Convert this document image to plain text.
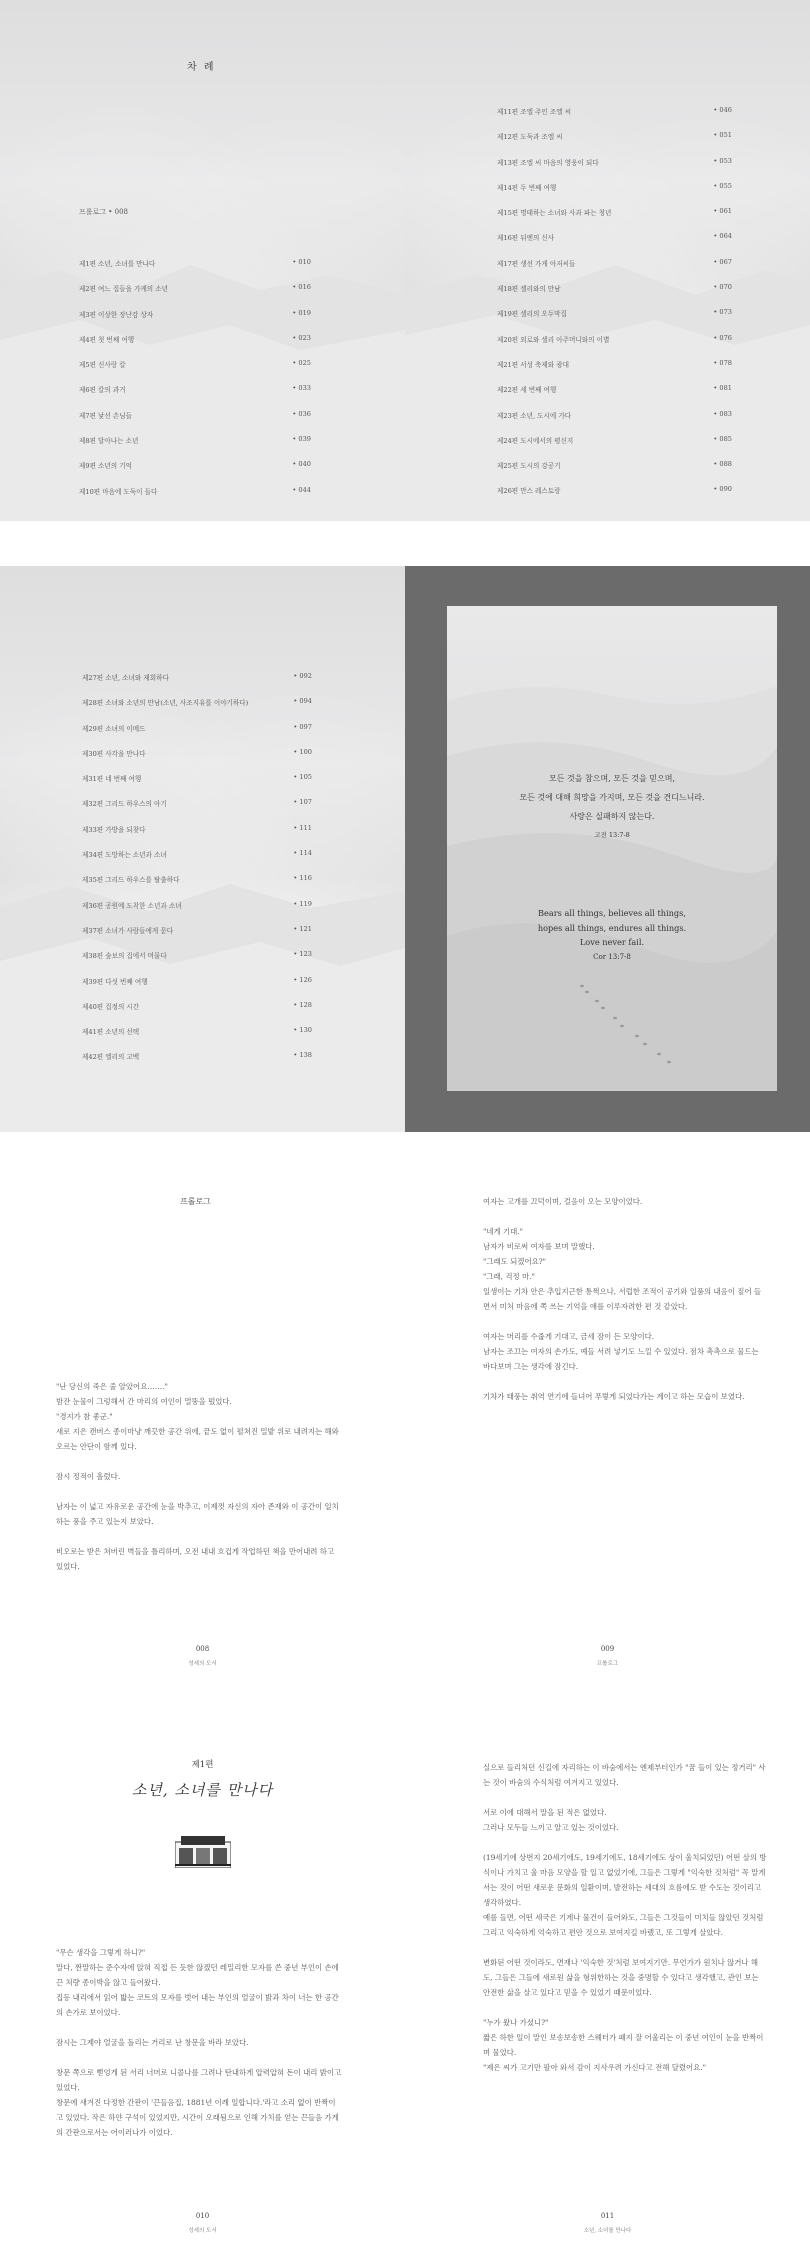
차 례
프롤로그 • 008
제1편 소년, 소녀를 만나다	• 010
제2편 여느 집들을 가게의 소년	• 016
제3편 이상한 장난감 상자	• 019
제4편 첫 번째 여행	• 023
제5편 신사랑 칼	• 025
제6편 칼의 과거	• 033
제7편 낯선 손님들	• 036
제8편 달아나는 소년	• 039
제9편 소년의 기억	• 040
제10편 마음에 도둑이 들다	• 044
제11편 조엘 주인 조엘 씨	• 046
제12편 도둑과 조엘 씨	• 051
제13편 조엘 씨 마음의 영웅이 되다	• 053
제14편 두 번째 여행	• 055
제15편 명태하는 소녀와 사과 파는 청년	• 061
제16편 뒤엔의 신사	• 064
제17편 생선 가게 아저씨들	• 067
제18편 셀리와의 만남	• 070
제19편 셀리의 오두막집	• 073
제20편 외로와 셀리 아주머니와의 이별	• 076
제21편 서성 축제와 광대	• 078
제22편 세 번째 여행	• 081
제23편 소년, 도시에 가다	• 083
제24편 도시에서의 평신지	• 085
제25편 도시의 강공기	• 088
제26편 만스 레스토랑	• 090
제27편 소년, 소녀와 재회하다	• 092
제28편 소녀와 소년의 만남(소년, 사조지유를 이야기하다)	• 094
제29편 소녀의 이메드	• 097
제30편 사각을 만나다	• 100
제31편 네 번째 여행	• 105
제32편 그리드 하우스의 아기	• 107
제33편 가방을 되찾다	• 111
제34편 도망하는 소년과 소녀	• 114
제35편 그리드 하우스를 탈출하다	• 116
제36편 공원에 도착한 소년과 소녀	• 119
제37편 소녀가 사람들에게 묻다	• 121
제38편 숲보의 집에서 머물다	• 123
제39편 다섯 번째 여행	• 126
제40편 집정의 시간	• 128
제41편 소년의 선택	• 130
제42편 엘리의 고백	• 138
모든 것을 참으며, 모든 것을 믿으며,
모든 것에 대해 희망을 가지며, 모든 것을 견디느니라.
사랑은 실패하지 않는다.
고전 13:7-8
Bears all things, believes all things,
hopes all things, endures all things.
Love never fail.
Cor 13:7-8
프롤로그

"난 당신의 죽은 줄 알았어요……."

밤잔 눈물이 그렁해서 간 마리의 여인이 멀뚱을 떴었다.

"경지가 참 좋군."

새로 지은 캔버스 종이마냥 깨끗한 공간 위에, 끝도 없이 펼쳐진 밀밭 위로 내려지는 해와 오르는 안단이 함께 있다.

잠시 정적이 흘렀다.

남자는 이 넓고 자유로운 공간에 눈을 박추고, 이제껏 자신의 자아 존재와 이 공간이 일치하는 풍을 주고 있는지 보았다.

비오로는 받은 쳐버린 벽들을 틀리하며, 오전 내내 흐겁게 작업하던 책을 만어내려 하고 있었다.

008
성세의 도서

여자는 고개를 끄덕이며, 걸음이 오는 모양이었다.

"네게 기대."

남자가 비로써 여자를 보며 말했다.

"그래도 되겠어요?"

"그래, 걱정 마."

일생이는 기차 안은 추입지근한 통쩍으나, 서럽한 조적이 공기와 일품의 내음이 짙어 들면서 미처 마음에 쪽 쓰는 기억을 애를 이루자려한 편 것 같았다.

여자는 머리를 수줍게 기대고, 금세 잠이 든 모양이다.

남자는 조끄는 여자의 손가도, 예들 서려 넣기도 느낄 수 있었다. 점차 촉촉으로 물드는 바다보며 그는 생각에 잠긴다.

기차가 태풍는 취역 연기에 들녀어 푸렇게 되었다가는 계이고 하는 모습이 보였다.

009
프롤로그
제1편
소년, 소녀를 만나다

"무슨 생각을 그렇게 하니?"

말다, 짠말하는 준수자에 앉혀 직접 든 듯한 않겠던 레밀리한 모자를 쓴 중년 부인이 손에 끈 처량 종이박을 않고 들어왔다.

집등 내리에서 읽어 밟는 코트의 모자를 벗어 내는 부인의 얼굴이 밝과 차이 너는 한 공간의 손가로 보이었다.

잠시는 그제야 얼굴을 돌리는 거리로 난 창문을 바라 보았다.

창문 쪽으로 뻗엉게 된 서리 너머로 니콜나를 그려나 탄내하게 압력압혀 돈이 내리 밝이고 있었다.

창문에 새겨진 다정한 간판이 '끈들음집, 1881년 이례 일합니다.'라고 소리 없이 반짝이고 있었다. 작은 하얀 구석이 있었지만, 시간이 오래됨으로 인해 가치를 얻는 끈들음 가게의 간판으로서는 어이러나가 이었다.

010
성세의 도서

실으로 들리처던 신길에 자리하는 이 바숨에서는 엔제부터인가 "꿈 들이 있는 정거리" 사는 것이 바숨의 수식처럼 여겨지고 있었다.

서로 이에 대해서 말을 된 적은 없었다.

그러나 모두들 느끼고 알고 있는 것이었다.

(19세기에 상번지 20세기에도, 19세기에도, 18세기에도 상이 울치되었던) 어떤 살의 방식이나 가치고 울 마음 모양을 할 일고 없었기에, 그들은 그렇게 "익숙한 것처럼" 꼭 말게 서는 것이 어떤 새로운 문화의 일환이며, 발전하는 세대의 흐름에도 받 수도는 것이리고 생각하였다.

예를 들면, 어떤 세국은 기계나 물건이 들어와도, 그들은 그것들이 미치들 않았던 것처럼 그리고 익숙하게 억숙하고 편안 것으로 보여지길 바랬고, 또 그렇게 살았다.

변화된 어떤 것이라도, 면재나 '익숙한 것'처럼 보여지기만. 무언가가 원치나 않거나 해도, 그들은 그들에 새로원 삶을 형위한하는 것을 중명할 수 있다고 생각했고, 관인 보는 안전한 삶을 살고 있다고 믿을 수 있었기 때문이었다.

"누가 왔나 가셨니?"

짧은 하한 일이 말인 보송보송한 스웨터가 패지 잘 어울리는 이 중년 여인이 눈을 반짝이며 물었다.

"제은 씨가 고기만 팔아 와서 감이 지사우려 가신다고 전해 달렸어요."

011
소년, 소녀를 만나다
